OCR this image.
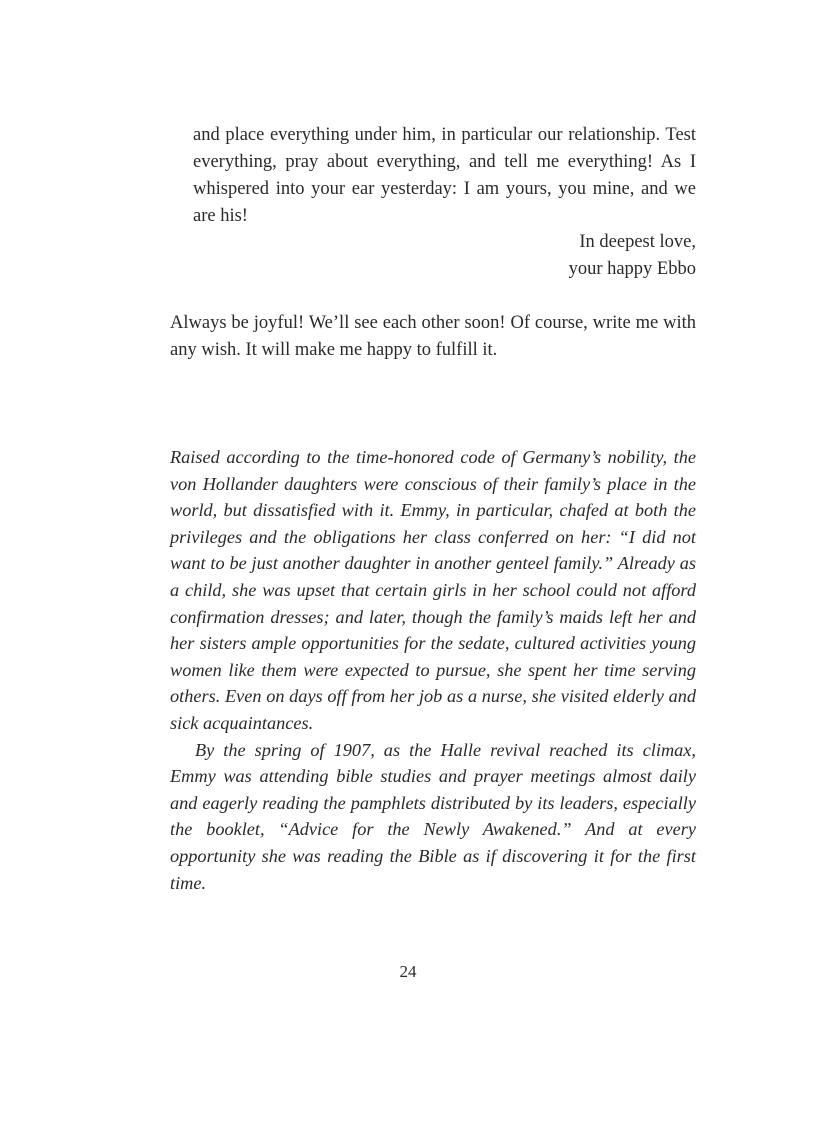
and place everything under him, in particular our relationship. Test everything, pray about everything, and tell me everything! As I whispered into your ear yesterday: I am yours, you mine, and we are his!

In deepest love,
your happy Ebbo

Always be joyful! We’ll see each other soon! Of course, write me with any wish. It will make me happy to fulfill it.

Raised according to the time-honored code of Germany’s nobility, the von Hollander daughters were conscious of their family’s place in the world, but dissatisfied with it. Emmy, in particular, chafed at both the privileges and the obligations her class conferred on her: “I did not want to be just another daughter in another genteel family.” Already as a child, she was upset that certain girls in her school could not afford confirmation dresses; and later, though the family’s maids left her and her sisters ample opportunities for the sedate, cultured activities young women like them were expected to pursue, she spent her time serving others. Even on days off from her job as a nurse, she visited elderly and sick acquaintances.

By the spring of 1907, as the Halle revival reached its climax, Emmy was attending bible studies and prayer meetings almost daily and eagerly reading the pamphlets distributed by its leaders, especially the booklet, “Advice for the Newly Awakened.” And at every opportunity she was reading the Bible as if discovering it for the first time.

24
